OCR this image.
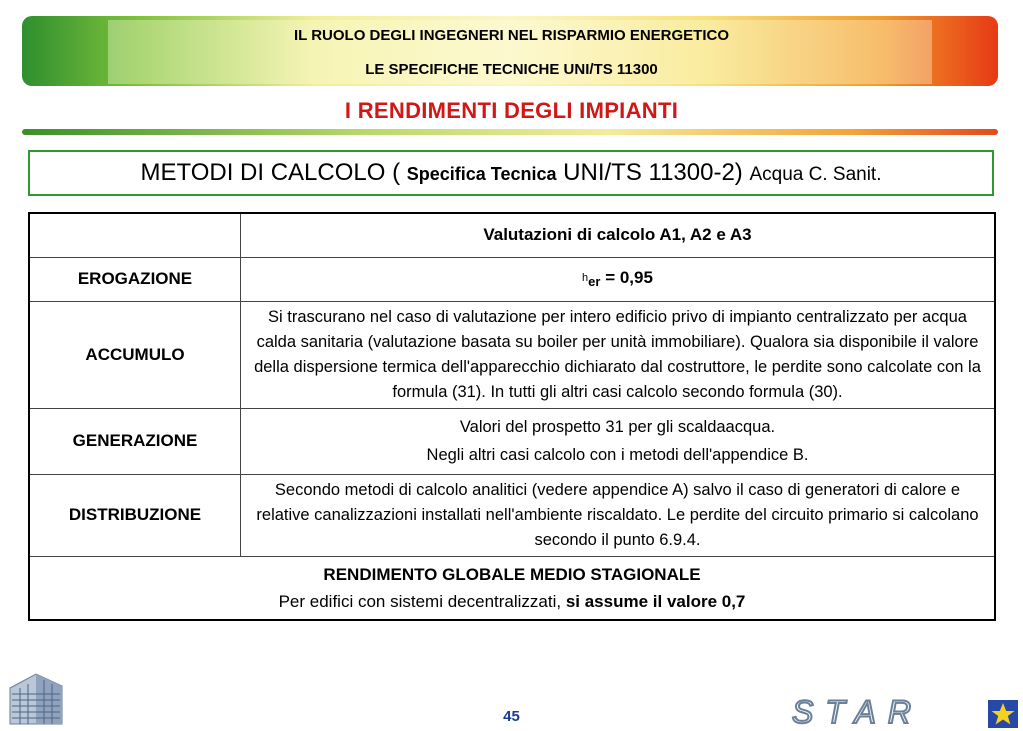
IL RUOLO DEGLI INGEGNERI NEL RISPARMIO ENERGETICO
LE SPECIFICHE TECNICHE UNI/TS 11300
I RENDIMENTI DEGLI IMPIANTI
METODI DI CALCOLO ( Specifica Tecnica UNI/TS 11300-2) Acqua C. Sanit.
	Valutazioni di calcolo A1, A2 e A3
EROGAZIONE	$h_{er} = 0,95$
ACCUMULO	Si trascurano nel caso di valutazione per intero edificio privo di impianto centralizzato per acqua calda sanitaria (valutazione basata su boiler per unità immobiliare). Qualora sia disponibile il valore della dispersione termica dell'apparecchio dichiarato dal costruttore, le perdite sono calcolate con la formula (31). In tutti gli altri casi calcolo secondo formula (30).
GENERAZIONE	Valori del prospetto 31 per gli scaldaacqua.

Negli altri casi calcolo con i metodi dell'appendice B.

DISTRIBUZIONE	Secondo metodi di calcolo analitici (vedere appendice A) salvo il caso di generatori di calore e relative canalizzazioni installati nell'ambiente riscaldato. Le perdite del circuito primario si calcolano secondo il punto 6.9.4.

RENDIMENTO GLOBALE MEDIO STAGIONALE
Per edifici con sistemi decentralizzati, si assume il valore 0,7	
45	STAR
